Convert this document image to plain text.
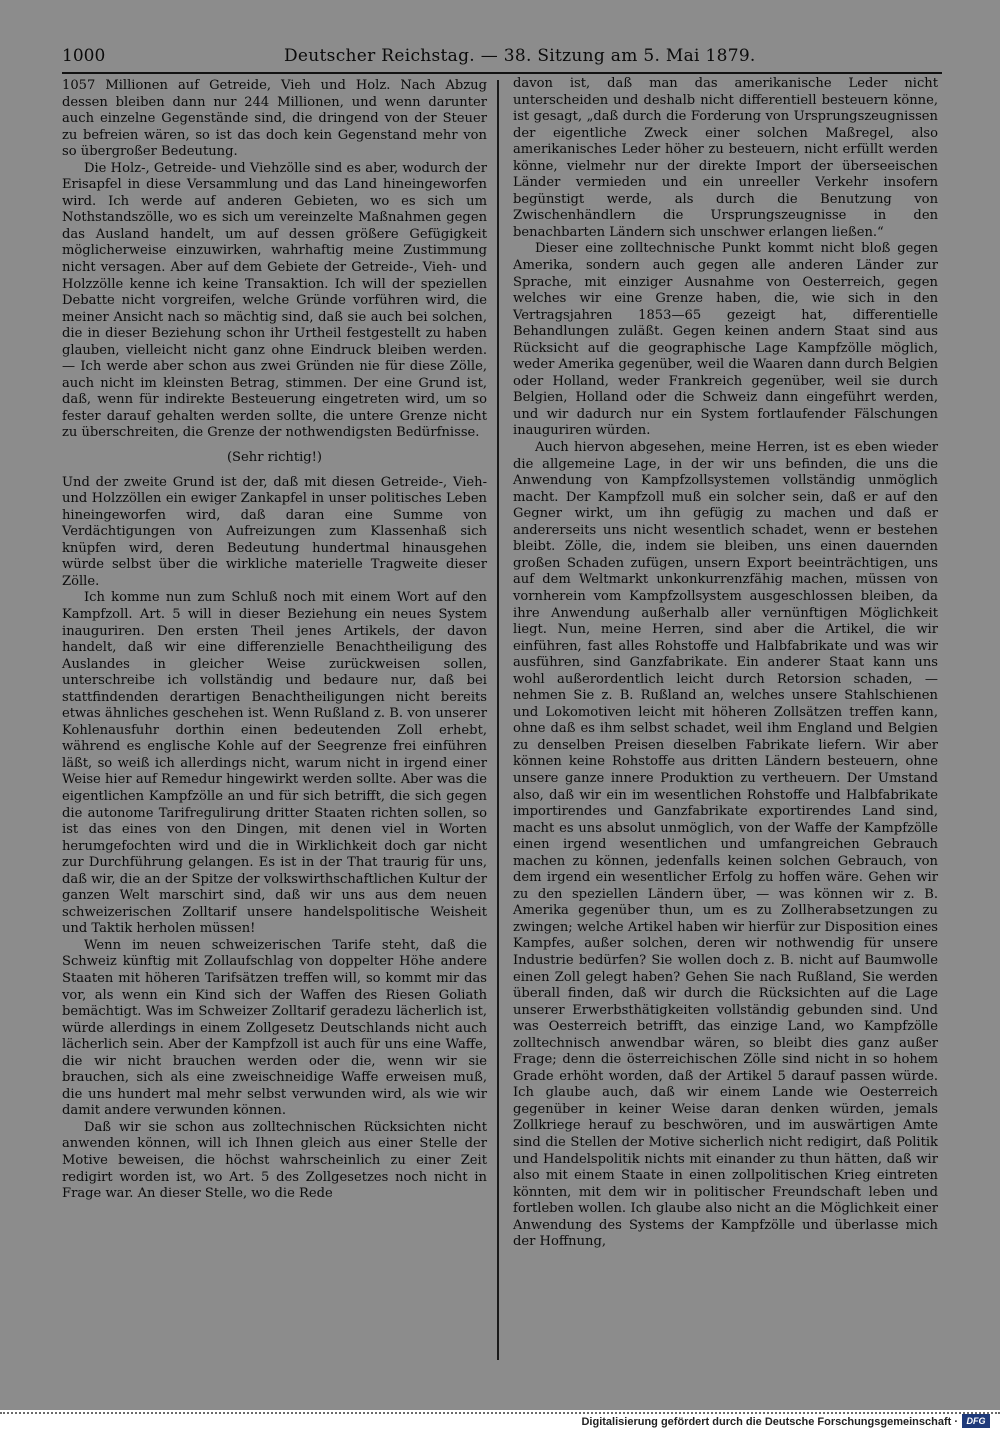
1000	Deutscher Reichstag. — 38. Sitzung am 5. Mai 1879.

1057 Millionen auf Getreide, Vieh und Holz. Nach Abzug dessen bleiben dann nur 244 Millionen, und wenn darunter auch einzelne Gegenstände sind, die dringend von der Steuer zu befreien wären, so ist das doch kein Gegenstand mehr von so übergroßer Bedeutung.

Die Holz-, Getreide- und Viehzölle sind es aber, wodurch der Erisapfel in diese Versammlung und das Land hineingeworfen wird. Ich werde auf anderen Gebieten, wo es sich um Nothstandszölle, wo es sich um vereinzelte Maßnahmen gegen das Ausland handelt, um auf dessen größere Gefügigkeit möglicherweise einzuwirken, wahrhaftig meine Zustimmung nicht versagen. Aber auf dem Gebiete der Getreide-, Vieh- und Holzzölle kenne ich keine Transaktion. Ich will der speziellen Debatte nicht vorgreifen, welche Gründe vorführen wird, die meiner Ansicht nach so mächtig sind, daß sie auch bei solchen, die in dieser Beziehung schon ihr Urtheil festgestellt zu haben glauben, vielleicht nicht ganz ohne Eindruck bleiben werden. — Ich werde aber schon aus zwei Gründen nie für diese Zölle, auch nicht im kleinsten Betrag, stimmen. Der eine Grund ist, daß, wenn für indirekte Besteuerung eingetreten wird, um so fester darauf gehalten werden sollte, die untere Grenze nicht zu überschreiten, die Grenze der nothwendigsten Bedürfnisse.

(Sehr richtig!)

Und der zweite Grund ist der, daß mit diesen Getreide-, Vieh- und Holzzöllen ein ewiger Zankapfel in unser politisches Leben hineingeworfen wird, daß daran eine Summe von Verdächtigungen von Aufreizungen zum Klassenhaß sich knüpfen wird, deren Bedeutung hundertmal hinausgehen würde selbst über die wirkliche materielle Tragweite dieser Zölle.

Ich komme nun zum Schluß noch mit einem Wort auf den Kampfzoll. Art. 5 will in dieser Beziehung ein neues System inauguriren. Den ersten Theil jenes Artikels, der davon handelt, daß wir eine differenzielle Benachtheiligung des Auslandes in gleicher Weise zurückweisen sollen, unterschreibe ich vollständig und bedaure nur, daß bei stattfindenden derartigen Benachtheiligungen nicht bereits etwas ähnliches geschehen ist. Wenn Rußland z. B. von unserer Kohlenausfuhr dorthin einen bedeutenden Zoll erhebt, während es englische Kohle auf der Seegrenze frei einführen läßt, so weiß ich allerdings nicht, warum nicht in irgend einer Weise hier auf Remedur hingewirkt werden sollte. Aber was die eigentlichen Kampfzölle an und für sich betrifft, die sich gegen die autonome Tarifregulirung dritter Staaten richten sollen, so ist das eines von den Dingen, mit denen viel in Worten herumgefochten wird und die in Wirklichkeit doch gar nicht zur Durchführung gelangen. Es ist in der That traurig für uns, daß wir, die an der Spitze der volkswirthschaftlichen Kultur der ganzen Welt marschirt sind, daß wir uns aus dem neuen schweizerischen Zolltarif unsere handelspolitische Weisheit und Taktik herholen müssen!

Wenn im neuen schweizerischen Tarife steht, daß die Schweiz künftig mit Zollaufschlag von doppelter Höhe andere Staaten mit höheren Tarifsätzen treffen will, so kommt mir das vor, als wenn ein Kind sich der Waffen des Riesen Goliath bemächtigt. Was im Schweizer Zolltarif geradezu lächerlich ist, würde allerdings in einem Zollgesetz Deutschlands nicht auch lächerlich sein. Aber der Kampfzoll ist auch für uns eine Waffe, die wir nicht brauchen werden oder die, wenn wir sie brauchen, sich als eine zweischneidige Waffe erweisen muß, die uns hundert mal mehr selbst verwunden wird, als wie wir damit andere verwunden können.

Daß wir sie schon aus zolltechnischen Rücksichten nicht anwenden können, will ich Ihnen gleich aus einer Stelle der Motive beweisen, die höchst wahrscheinlich zu einer Zeit redigirt worden ist, wo Art. 5 des Zollgesetzes noch nicht in Frage war. An dieser Stelle, wo die Rede

davon ist, daß man das amerikanische Leder nicht unterscheiden und deshalb nicht differentiell besteuern könne, ist gesagt, „daß durch die Forderung von Ursprungszeugnissen der eigentliche Zweck einer solchen Maßregel, also amerikanisches Leder höher zu besteuern, nicht erfüllt werden könne, vielmehr nur der direkte Import der überseeischen Länder vermieden und ein unreeller Verkehr insofern begünstigt werde, als durch die Benutzung von Zwischenhändlern die Ursprungszeugnisse in den benachbarten Ländern sich unschwer erlangen ließen.“

Dieser eine zolltechnische Punkt kommt nicht bloß gegen Amerika, sondern auch gegen alle anderen Länder zur Sprache, mit einziger Ausnahme von Oesterreich, gegen welches wir eine Grenze haben, die, wie sich in den Vertragsjahren 1853—65 gezeigt hat, differentielle Behandlungen zuläßt. Gegen keinen andern Staat sind aus Rücksicht auf die geographische Lage Kampfzölle möglich, weder Amerika gegenüber, weil die Waaren dann durch Belgien oder Holland, weder Frankreich gegenüber, weil sie durch Belgien, Holland oder die Schweiz dann eingeführt werden, und wir dadurch nur ein System fortlaufender Fälschungen inauguriren würden.

Auch hiervon abgesehen, meine Herren, ist es eben wieder die allgemeine Lage, in der wir uns befinden, die uns die Anwendung von Kampfzollsystemen vollständig unmöglich macht. Der Kampfzoll muß ein solcher sein, daß er auf den Gegner wirkt, um ihn gefügig zu machen und daß er andererseits uns nicht wesentlich schadet, wenn er bestehen bleibt. Zölle, die, indem sie bleiben, uns einen dauernden großen Schaden zufügen, unsern Export beeinträchtigen, uns auf dem Weltmarkt unkonkurrenzfähig machen, müssen von vornherein vom Kampfzollsystem ausgeschlossen bleiben, da ihre Anwendung außerhalb aller vernünftigen Möglichkeit liegt. Nun, meine Herren, sind aber die Artikel, die wir einführen, fast alles Rohstoffe und Halbfabrikate und was wir ausführen, sind Ganzfabrikate. Ein anderer Staat kann uns wohl außerordentlich leicht durch Retorsion schaden, — nehmen Sie z. B. Rußland an, welches unsere Stahlschienen und Lokomotiven leicht mit höheren Zollsätzen treffen kann, ohne daß es ihm selbst schadet, weil ihm England und Belgien zu denselben Preisen dieselben Fabrikate liefern. Wir aber können keine Rohstoffe aus dritten Ländern besteuern, ohne unsere ganze innere Produktion zu vertheuern. Der Umstand also, daß wir ein im wesentlichen Rohstoffe und Halbfabrikate importirendes und Ganzfabrikate exportirendes Land sind, macht es uns absolut unmöglich, von der Waffe der Kampfzölle einen irgend wesentlichen und umfangreichen Gebrauch machen zu können, jedenfalls keinen solchen Gebrauch, von dem irgend ein wesentlicher Erfolg zu hoffen wäre. Gehen wir zu den speziellen Ländern über, — was können wir z. B. Amerika gegenüber thun, um es zu Zollherabsetzungen zu zwingen; welche Artikel haben wir hierfür zur Disposition eines Kampfes, außer solchen, deren wir nothwendig für unsere Industrie bedürfen? Sie wollen doch z. B. nicht auf Baumwolle einen Zoll gelegt haben? Gehen Sie nach Rußland, Sie werden überall finden, daß wir durch die Rücksichten auf die Lage unserer Erwerbsthätigkeiten vollständig gebunden sind. Und was Oesterreich betrifft, das einzige Land, wo Kampfzölle zolltechnisch anwendbar wären, so bleibt dies ganz außer Frage; denn die österreichischen Zölle sind nicht in so hohem Grade erhöht worden, daß der Artikel 5 darauf passen würde. Ich glaube auch, daß wir einem Lande wie Oesterreich gegenüber in keiner Weise daran denken würden, jemals Zollkriege herauf zu beschwören, und im auswärtigen Amte sind die Stellen der Motive sicherlich nicht redigirt, daß Politik und Handelspolitik nichts mit einander zu thun hätten, daß wir also mit einem Staate in einen zollpolitischen Krieg eintreten könnten, mit dem wir in politischer Freundschaft leben und fortleben wollen. Ich glaube also nicht an die Möglichkeit einer Anwendung des Systems der Kampfzölle und überlasse mich der Hoffnung,

Digitalisierung gefördert durch die Deutsche Forschungsgemeinschaft · DFG
